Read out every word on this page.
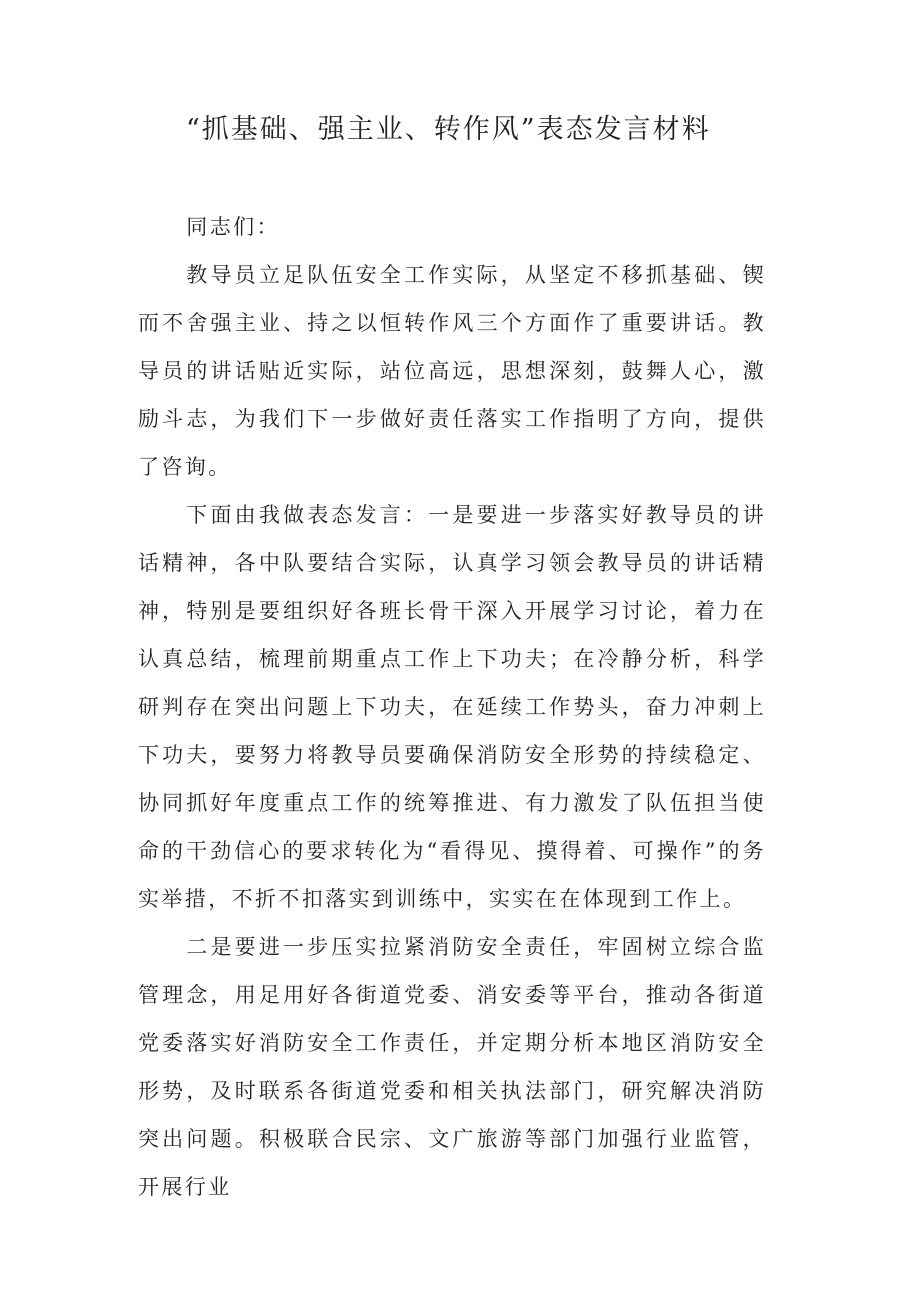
“抓基础、强主业、转作风”表态发言材料

同志们：

教导员立足队伍安全工作实际，从坚定不移抓基础、锲而不舍强主业、持之以恒转作风三个方面作了重要讲话。教导员的讲话贴近实际，站位高远，思想深刻，鼓舞人心，激励斗志，为我们下一步做好责任落实工作指明了方向，提供了咨询。

下面由我做表态发言：一是要进一步落实好教导员的讲话精神，各中队要结合实际，认真学习领会教导员的讲话精神，特别是要组织好各班长骨干深入开展学习讨论，着力在认真总结，梳理前期重点工作上下功夫；在冷静分析，科学研判存在突出问题上下功夫，在延续工作势头，奋力冲刺上下功夫，要努力将教导员要确保消防安全形势的持续稳定、协同抓好年度重点工作的统筹推进、有力激发了队伍担当使命的干劲信心的要求转化为“看得见、摸得着、可操作”的务实举措，不折不扣落实到训练中，实实在在体现到工作上。

二是要进一步压实拉紧消防安全责任，牢固树立综合监管理念，用足用好各街道党委、消安委等平台，推动各街道党委落实好消防安全工作责任，并定期分析本地区消防安全形势，及时联系各街道党委和相关执法部门，研究解决消防突出问题。积极联合民宗、文广旅游等部门加强行业监管，开展行业
